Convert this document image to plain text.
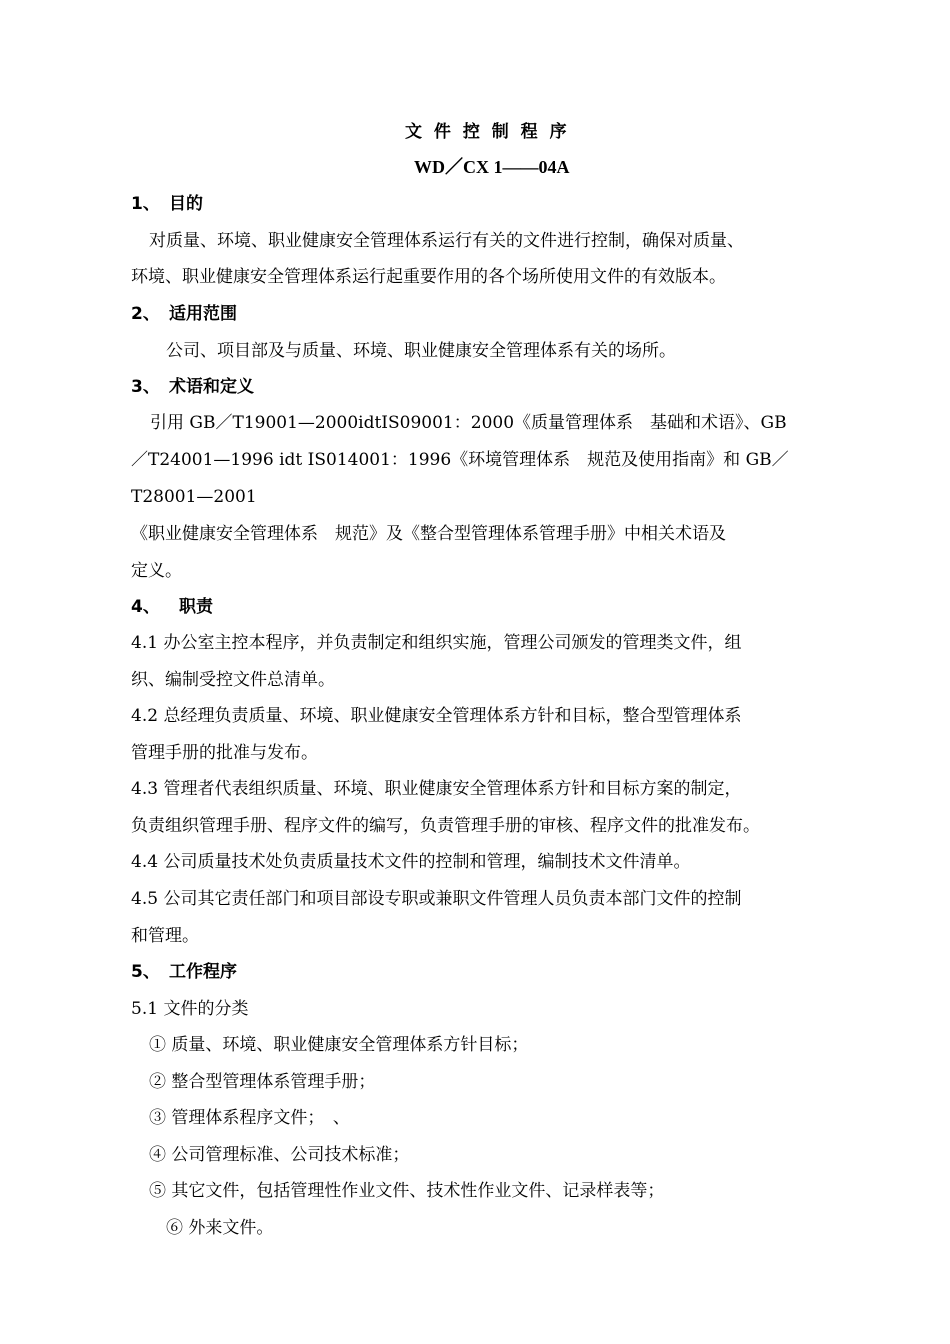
文 件 控 制 程 序
WD／CX 1——04A
1、 目的
对质量、环境、职业健康安全管理体系运行有关的文件进行控制，确保对质量、
环境、职业健康安全管理体系运行起重要作用的各个场所使用文件的有效版本。
2、 适用范围
公司、项目部及与质量、环境、职业健康安全管理体系有关的场所。
3、 术语和定义
引用 GB／T19001—2000idtIS09001：2000《质量管理体系　基础和术语》、GB
／T24001—1996 idt IS014001：1996《环境管理体系　规范及使用指南》和 GB／
T28001—2001
《职业健康安全管理体系　规范》及《整合型管理体系管理手册》中相关术语及
定义。
4、 职责
4.1 办公室主控本程序，并负责制定和组织实施，管理公司颁发的管理类文件，组
织、编制受控文件总清单。
4.2 总经理负责质量、环境、职业健康安全管理体系方针和目标，整合型管理体系
管理手册的批准与发布。
4.3 管理者代表组织质量、环境、职业健康安全管理体系方针和目标方案的制定，
负责组织管理手册、程序文件的编写，负责管理手册的审核、程序文件的批准发布。
4.4 公司质量技术处负责质量技术文件的控制和管理，编制技术文件清单。
4.5 公司其它责任部门和项目部设专职或兼职文件管理人员负责本部门文件的控制
和管理。
5、 工作程序
5.1 文件的分类
① 质量、环境、职业健康安全管理体系方针目标；
② 整合型管理体系管理手册；
③ 管理体系程序文件；　、
④ 公司管理标准、公司技术标准；
⑤ 其它文件，包括管理性作业文件、技术性作业文件、记录样表等；
⑥ 外来文件。
